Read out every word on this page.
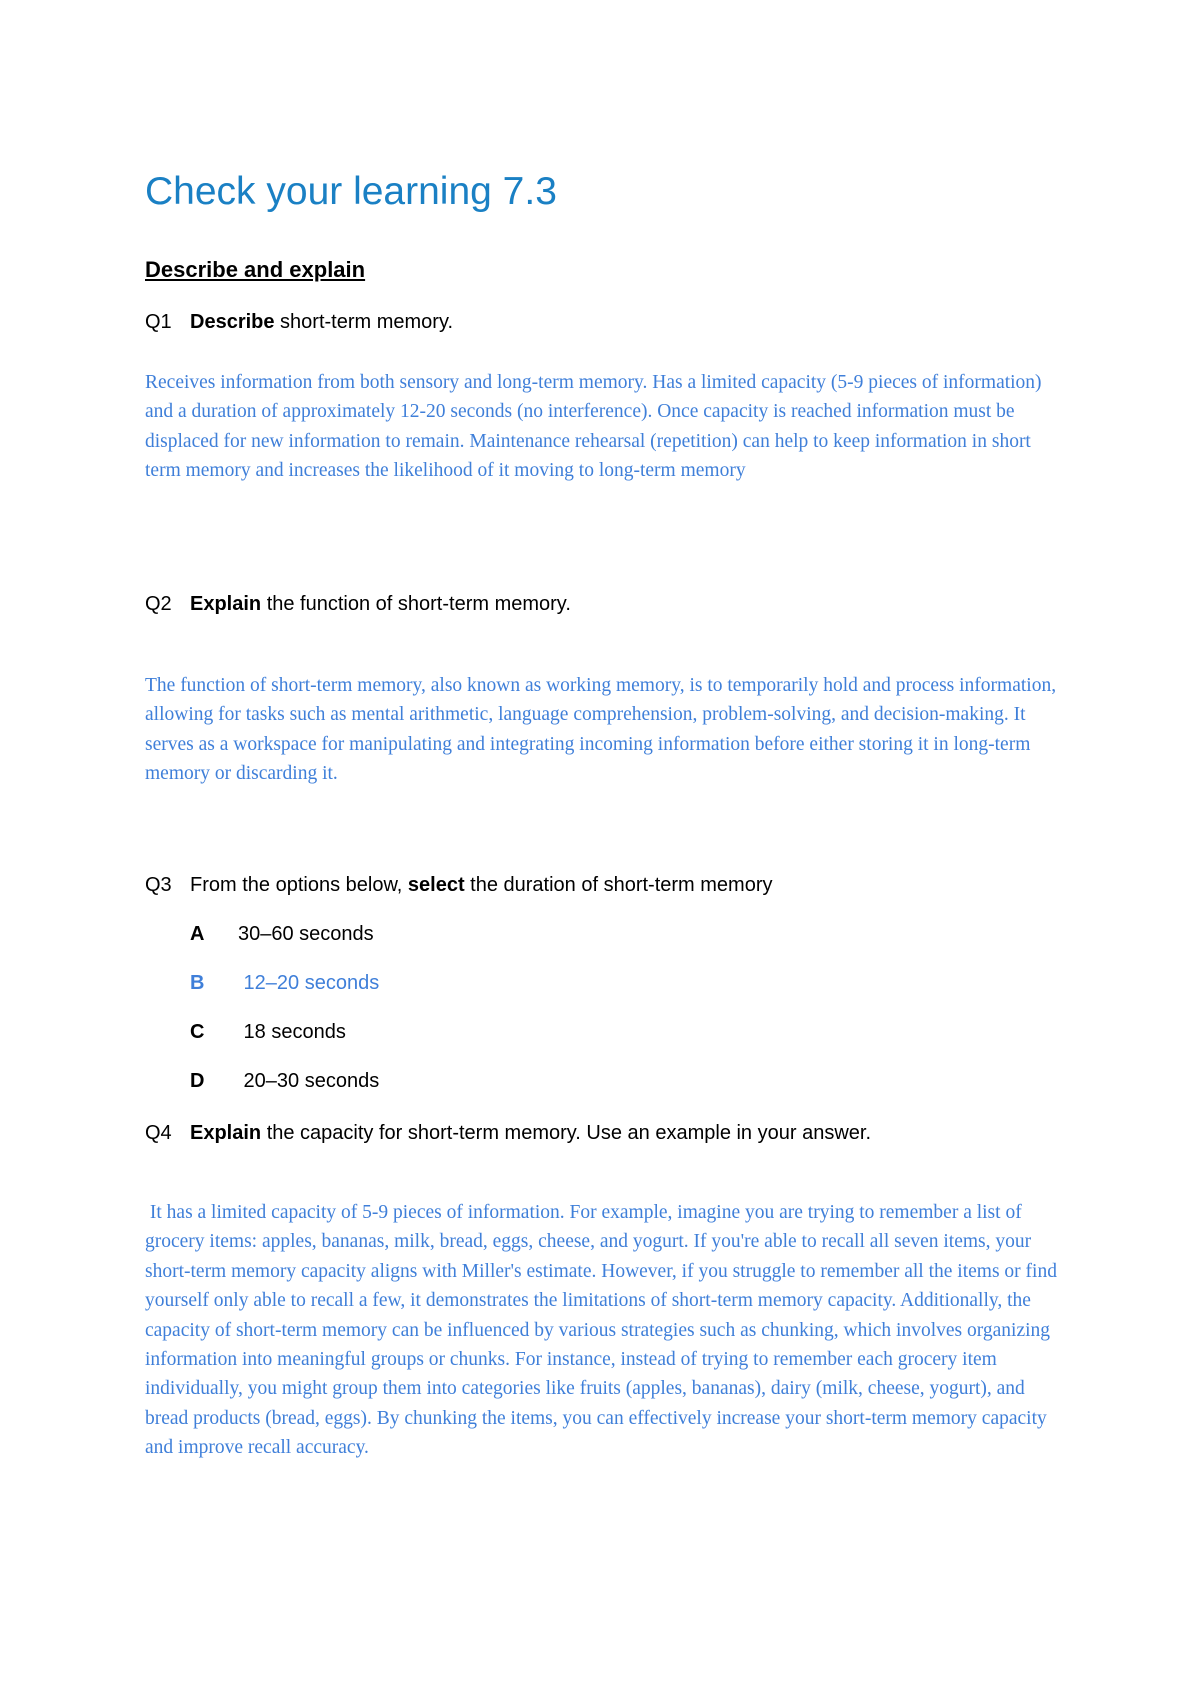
Check your learning 7.3
Describe and explain

Q1 Describe short-term memory.

Receives information from both sensory and long-term memory. Has a limited capacity (5-9 pieces of information) and a duration of approximately 12-20 seconds (no interference). Once capacity is reached information must be displaced for new information to remain. Maintenance rehearsal (repetition) can help to keep information in short term memory and increases the likelihood of it moving to long-term memory

Q2 Explain the function of short-term memory.

The function of short-term memory, also known as working memory, is to temporarily hold and process information, allowing for tasks such as mental arithmetic, language comprehension, problem-solving, and decision-making. It serves as a workspace for manipulating and integrating incoming information before either storing it in long-term memory or discarding it.

Q3 From the options below, select the duration of short-term memory

A 30–60 seconds

B 12–20 seconds

C 18 seconds

D 20–30 seconds

Q4 Explain the capacity for short-term memory. Use an example in your answer.

It has a limited capacity of 5-9 pieces of information. For example, imagine you are trying to remember a list of grocery items: apples, bananas, milk, bread, eggs, cheese, and yogurt. If you're able to recall all seven items, your short-term memory capacity aligns with Miller's estimate. However, if you struggle to remember all the items or find yourself only able to recall a few, it demonstrates the limitations of short-term memory capacity. Additionally, the capacity of short-term memory can be influenced by various strategies such as chunking, which involves organizing information into meaningful groups or chunks. For instance, instead of trying to remember each grocery item individually, you might group them into categories like fruits (apples, bananas), dairy (milk, cheese, yogurt), and bread products (bread, eggs). By chunking the items, you can effectively increase your short-term memory capacity and improve recall accuracy.
